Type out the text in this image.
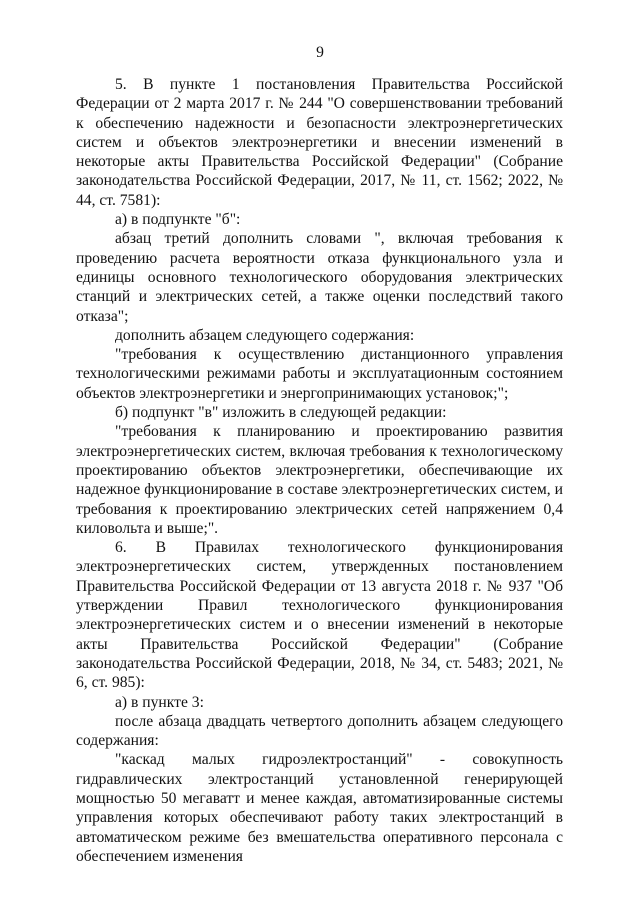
9

5. В пункте 1 постановления Правительства Российской Федерации от 2 марта 2017 г. № 244 "О совершенствовании требований к обеспечению надежности и безопасности электроэнергетических систем и объектов электроэнергетики и внесении изменений в некоторые акты Правительства Российской Федерации" (Собрание законодательства Российской Федерации, 2017, № 11, ст. 1562; 2022, № 44, ст. 7581):

а) в подпункте "б":

абзац третий дополнить словами ", включая требования к проведению расчета вероятности отказа функционального узла и единицы основного технологического оборудования электрических станций и электрических сетей, а также оценки последствий такого отказа";

дополнить абзацем следующего содержания:

"требования к осуществлению дистанционного управления технологическими режимами работы и эксплуатационным состоянием объектов электроэнергетики и энергопринимающих установок;";

б) подпункт "в" изложить в следующей редакции:

"требования к планированию и проектированию развития электроэнергетических систем, включая требования к технологическому проектированию объектов электроэнергетики, обеспечивающие их надежное функционирование в составе электроэнергетических систем, и требования к проектированию электрических сетей напряжением 0,4 киловольта и выше;".

6. В Правилах технологического функционирования электроэнергетических систем, утвержденных постановлением Правительства Российской Федерации от 13 августа 2018 г. № 937 "Об утверждении Правил технологического функционирования электроэнергетических систем и о внесении изменений в некоторые акты Правительства Российской Федерации" (Собрание законодательства Российской Федерации, 2018, № 34, ст. 5483; 2021, № 6, ст. 985):

а) в пункте 3:

после абзаца двадцать четвертого дополнить абзацем следующего содержания:

"каскад малых гидроэлектростанций" - совокупность гидравлических электростанций установленной генерирующей мощностью 50 мегаватт и менее каждая, автоматизированные системы управления которых обеспечивают работу таких электростанций в автоматическом режиме без вмешательства оперативного персонала с обеспечением изменения
